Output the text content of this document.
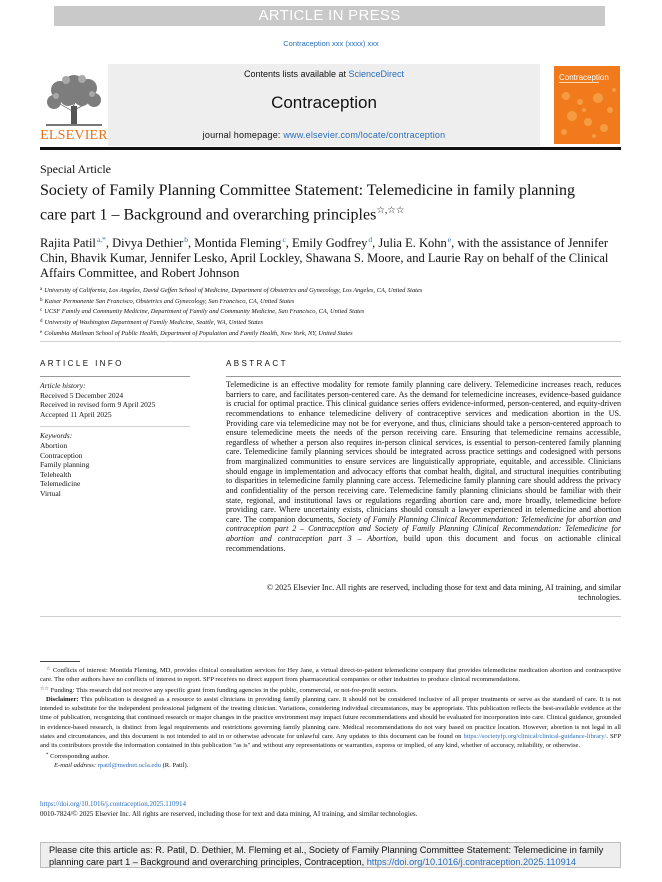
ARTICLE IN PRESS
Contraception xxx (xxxx) xxx
ELSEVIER
Contents lists available at ScienceDirect
Contraception
journal homepage: www.elsevier.com/locate/contraception
Contraception
Special Article
Society of Family Planning Committee Statement: Telemedicine in family planning care part 1 – Background and overarching principles☆,☆☆
Rajita Patil$^{a,*}$, Divya Dethier$^b$, Montida Fleming$^c$, Emily Godfrey$^d$, Julia E. Kohn$^e$, with the assistance of Jennifer Chin, Bhavik Kumar, Jennifer Lesko, April Lockley, Shawana S. Moore, and Laurie Ray on behalf of the Clinical Affairs Committee, and Robert Johnson
$^a$ University of California, Los Angeles, David Geffen School of Medicine, Department of Obstetrics and Gynecology, Los Angeles, CA, United States
$^b$ Kaiser Permanente San Francisco, Obstetrics and Gynecology, San Francisco, CA, United States
$^c$ UCSF Family and Community Medicine, Department of Family and Community Medicine, San Francisco, CA, United States
$^d$ University of Washington Department of Family Medicine, Seattle, WA, United States
$^e$ Columbia Mailman School of Public Health, Department of Population and Family Health, New York, NY, United States
ARTICLE INFO	ABSTRACT
Article history:
Received 5 December 2024
Received in revised form 9 April 2025
Accepted 11 April 2025
Keywords:
Abortion
Contraception
Family planning
Telehealth
Telemedicine
Virtual
Telemedicine is an effective modality for remote family planning care delivery. Telemedicine increases reach, reduces barriers to care, and facilitates person-centered care. As the demand for telemedicine increases, evidence-based guidance is crucial for optimal practice. This clinical guidance series offers evidence-informed, person-centered, and equity-driven recommendations to enhance telemedicine delivery of contraceptive services and medication abortion in the US. Providing care via telemedicine may not be for everyone, and thus, clinicians should take a person-centered approach to ensure telemedicine meets the needs of the person receiving care. Ensuring that telemedicine remains accessible, regardless of whether a person also requires in-person clinical services, is essential to person-centered family planning care. Telemedicine family planning services should be integrated across practice settings and codesigned with persons from marginalized communities to ensure services are linguistically appropriate, equitable, and accessible. Clinicians should engage in implementation and advocacy efforts that combat health, digital, and structural inequities contributing to disparities in telemedicine family planning care access. Telemedicine family planning care should address the privacy and confidentiality of the person receiving care. Telemedicine family planning clinicians should be familiar with their state, regional, and institutional laws or regulations regarding abortion care and, more broadly, telemedicine before providing care. Where uncertainty exists, clinicians should consult a lawyer experienced in telemedicine and abortion care. The companion documents, Society of Family Planning Clinical Recommendation: Telemedicine for abortion and contraception part 2 – Contraception and Society of Family Planning Clinical Recommendation: Telemedicine for abortion and contraception part 3 – Abortion, build upon this document and focus on actionable clinical recommendations.
© 2025 Elsevier Inc. All rights are reserved, including those for text and data mining, AI training, and similar technologies.
☆ Conflicts of interest: Montida Fleming, MD, provides clinical consultation services for Hey Jane, a virtual direct-to-patient telemedicine company that provides telemedicine medication abortion and contraceptive care. The other authors have no conflicts of interest to report. SFP receives no direct support from pharmaceutical companies or other industries to produce clinical recommendations.
☆☆ Funding: This research did not receive any specific grant from funding agencies in the public, commercial, or not-for-profit sectors.
Disclaimer: This publication is designed as a resource to assist clinicians in providing family planning care. It should not be considered inclusive of all proper treatments or serve as the standard of care. It is not intended to substitute for the independent professional judgment of the treating clinician. Variations, considering individual circumstances, may be appropriate. This publication reflects the best-available evidence at the time of publication, recognizing that continued research or major changes in the practice environment may impact future recommendations and should be evaluated for incorporation into care. Clinical guidance, grounded in evidence-based research, is distinct from legal requirements and restrictions governing family planning care. Medical recommendations do not vary based on practice location. However, abortion is not legal in all states and circumstances, and this document is not intended to aid in or otherwise advocate for unlawful care. Any updates to this document can be found on https://societyfp.org/clinical/clinical-guidance-library/. SFP and its contributors provide the information contained in this publication "as is" and without any representations or warranties, express or implied, of any kind, whether of accuracy, reliability, or otherwise.
* Corresponding author.
E-mail address: rpatil@mednet.ucla.edu (R. Patil).
https://doi.org/10.1016/j.contraception.2025.110914
0010-7824/© 2025 Elsevier Inc. All rights are reserved, including those for text and data mining, AI training, and similar technologies.
Please cite this article as: R. Patil, D. Dethier, M. Fleming et al., Society of Family Planning Committee Statement: Telemedicine in family planning care part 1 – Background and overarching principles, Contraception, https://doi.org/10.1016/j.contraception.2025.110914
